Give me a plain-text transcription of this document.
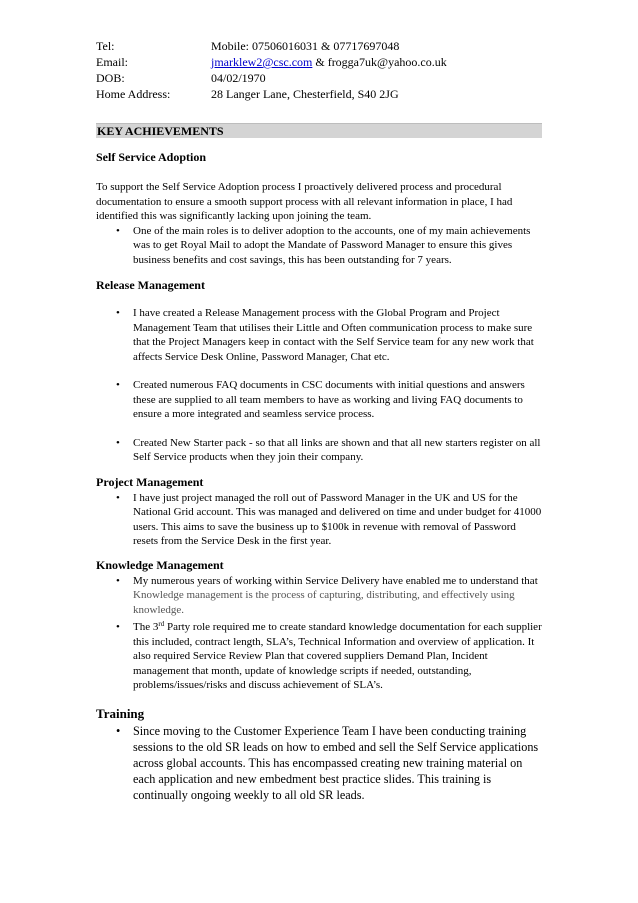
Tel:	Mobile: 07506016031 & 07717697048
Email:	jmarklew2@csc.com & frogga7uk@yahoo.co.uk
DOB:	04/02/1970
Home Address:	28 Langer Lane, Chesterfield, S40 2JG
KEY ACHIEVEMENTS
Self Service Adoption
To support the Self Service Adoption process I proactively delivered process and procedural documentation to ensure a smooth support process with all relevant information in place, I had identified this was significantly lacking upon joining the team.
• One of the main roles is to deliver adoption to the accounts, one of my main achievements was to get Royal Mail to adopt the Mandate of Password Manager to ensure this gives business benefits and cost savings, this has been outstanding for 7 years.
Release Management
• I have created a Release Management process with the Global Program and Project Management Team that utilises their Little and Often communication process to make sure that the Project Managers keep in contact with the Self Service team for any new work that affects Service Desk Online, Password Manager, Chat etc.
• Created numerous FAQ documents in CSC documents with initial questions and answers these are supplied to all team members to have as working and living FAQ documents to ensure a more integrated and seamless service process.
• Created New Starter pack - so that all links are shown and that all new starters register on all Self Service products when they join their company.
Project Management
• I have just project managed the roll out of Password Manager in the UK and US for the National Grid account. This was managed and delivered on time and under budget for 41000 users. This aims to save the business up to $100k in revenue with removal of Password resets from the Service Desk in the first year.
Knowledge Management
• My numerous years of working within Service Delivery have enabled me to understand that Knowledge management is the process of capturing, distributing, and effectively using knowledge.
• The 3rd Party role required me to create standard knowledge documentation for each supplier this included, contract length, SLA’s, Technical Information and overview of application. It also required Service Review Plan that covered suppliers Demand Plan, Incident management that month, update of knowledge scripts if needed, outstanding, problems/issues/risks and discuss achievement of SLA’s.
Training
• Since moving to the Customer Experience Team I have been conducting training sessions to the old SR leads on how to embed and sell the Self Service applications across global accounts. This has encompassed creating new training material on each application and new embedment best practice slides. This training is continually ongoing weekly to all old SR leads.
